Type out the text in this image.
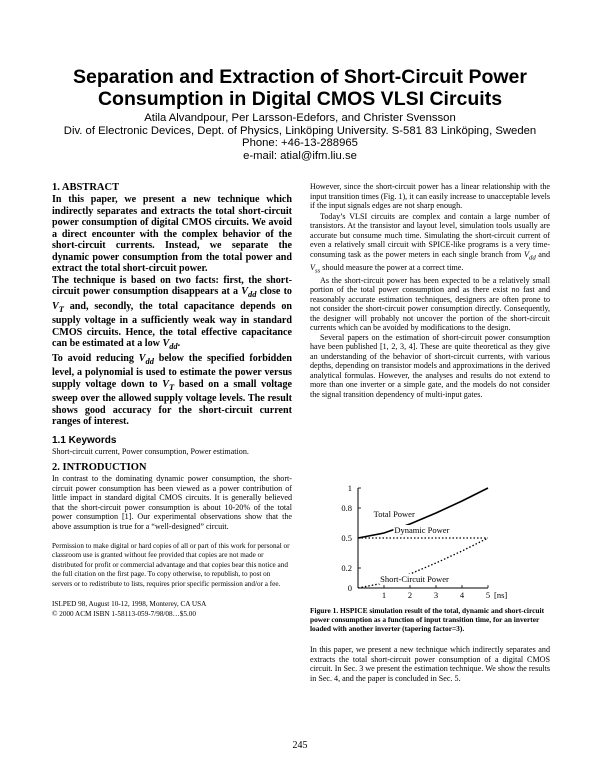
Separation and Extraction of Short-Circuit Power
Consumption in Digital CMOS VLSI Circuits
Atila Alvandpour, Per Larsson-Edefors, and Christer Svensson
Div. of Electronic Devices, Dept. of Physics, Linköping University. S-581 83 Linköping, Sweden
Phone: +46-13-288965
e-mail: atial@ifm.liu.se
1. ABSTRACT

In this paper, we present a new technique which indirectly separates and extracts the total short-circuit power consumption of digital CMOS circuits. We avoid a direct encounter with the complex behavior of the short-circuit currents. Instead, we separate the dynamic power consumption from the total power and extract the total short-circuit power.

The technique is based on two facts: first, the short-circuit power consumption disappears at a $V_{dd}$ close to $V_T$ and, secondly, the total capacitance depends on supply voltage in a sufficiently weak way in standard CMOS circuits. Hence, the total effective capacitance can be estimated at a low $V_{dd}$.

To avoid reducing $V_{dd}$ below the specified forbidden level, a polynomial is used to estimate the power versus supply voltage down to $V_T$ based on a small voltage sweep over the allowed supply voltage levels. The result shows good accuracy for the short-circuit current ranges of interest.

1.1 Keywords

Short-circuit current, Power consumption, Power estimation.

2. INTRODUCTION

In contrast to the dominating dynamic power consumption, the short-circuit power consumption has been viewed as a power contribution of little impact in standard digital CMOS circuits. It is generally believed that the short-circuit power consumption is about 10-20% of the total power consumption [1]. Our experimental observations show that the above assumption is true for a “well-designed” circuit.

Permission to make digital or hard copies of all or part of this work for personal or classroom use is granted without fee provided that copies are not made or distributed for profit or commercial advantage and that copies bear this notice and the full citation on the first page. To copy otherwise, to republish, to post on servers or to redistribute to lists, requires prior specific permission and/or a fee.
ISLPED 98, August 10-12, 1998, Monterey, CA USA
© 2000 ACM ISBN 1-58113-059-7/98/08…$5.00

However, since the short-circuit power has a linear relationship with the input transition times (Fig. 1), it can easily increase to unacceptable levels if the input signals edges are not sharp enough.

Today’s VLSI circuits are complex and contain a large number of transistors. At the transistor and layout level, simulation tools usually are accurate but consume much time. Simulating the short-circuit current of even a relatively small circuit with SPICE-like programs is a very time-consuming task as the power meters in each single branch from $V_{dd}$ and $V_{ss}$ should measure the power at a correct time.

As the short-circuit power has been expected to be a relatively small portion of the total power consumption and as there exist no fast and reasonably accurate estimation techniques, designers are often prone to not consider the short-circuit power consumption directly. Consequently, the designer will probably not uncover the portion of the short-circuit currents which can be avoided by modifications to the design.

Several papers on the estimation of short-circuit power consumption have been published [1, 2, 3, 4]. These are quite theoretical as they give an understanding of the behavior of short-circuit currents, with various depths, depending on transistor models and approximations in the derived analytical formulas. However, the analyses and results do not extend to more than one inverter or a simple gate, and the models do not consider the signal transition dependency of multi-input gates.

0
0.2
0.5
0.8
1
1	2	3	4	5 [ns]
Total Power
Dynamic Power
Short-Circuit Power
Figure 1. HSPICE simulation result of the total, dynamic and short-circuit power consumption as a function of input transition time, for an inverter loaded with another inverter (tapering factor=3).

In this paper, we present a new technique which indirectly separates and extracts the total short-circuit power consumption of a digital CMOS circuit. In Sec. 3 we present the estimation technique. We show the results in Sec. 4, and the paper is concluded in Sec. 5.

245
